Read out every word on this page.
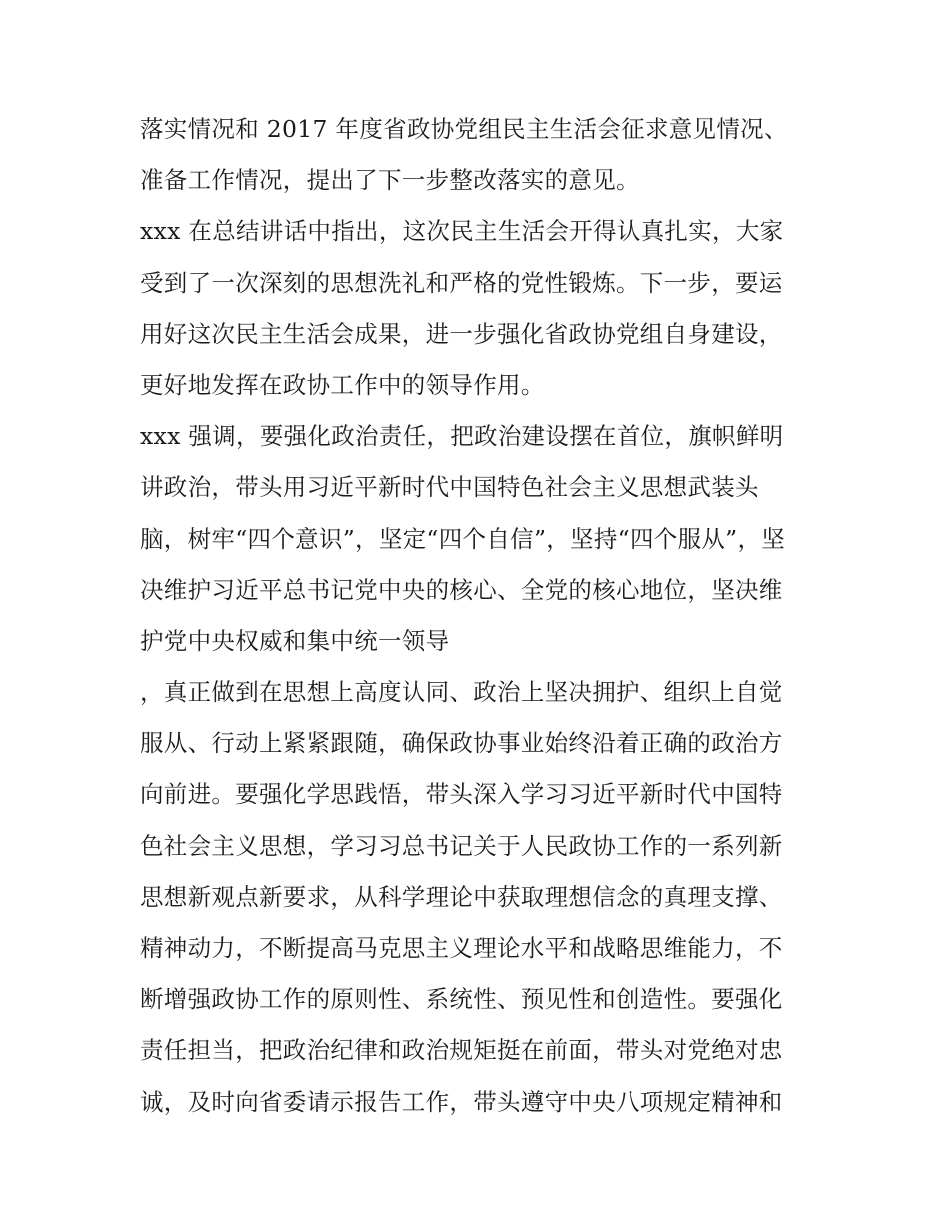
落实情况和 2017 年度省政协党组民主生活会征求意见情况、
准备工作情况，提出了下一步整改落实的意见。
xxx 在总结讲话中指出，这次民主生活会开得认真扎实，大家
受到了一次深刻的思想洗礼和严格的党性锻炼。下一步，要运
用好这次民主生活会成果，进一步强化省政协党组自身建设，
更好地发挥在政协工作中的领导作用。
xxx 强调，要强化政治责任，把政治建设摆在首位，旗帜鲜明
讲政治，带头用习近平新时代中国特色社会主义思想武装头
脑，树牢“四个意识”，坚定“四个自信”，坚持“四个服从”，坚
决维护习近平总书记党中央的核心、全党的核心地位，坚决维
护党中央权威和集中统一领导
，真正做到在思想上高度认同、政治上坚决拥护、组织上自觉
服从、行动上紧紧跟随，确保政协事业始终沿着正确的政治方
向前进。要强化学思践悟，带头深入学习习近平新时代中国特
色社会主义思想，学习习总书记关于人民政协工作的一系列新
思想新观点新要求，从科学理论中获取理想信念的真理支撑、
精神动力，不断提高马克思主义理论水平和战略思维能力，不
断增强政协工作的原则性、系统性、预见性和创造性。要强化
责任担当，把政治纪律和政治规矩挺在前面，带头对党绝对忠
诚，及时向省委请示报告工作，带头遵守中央八项规定精神和
